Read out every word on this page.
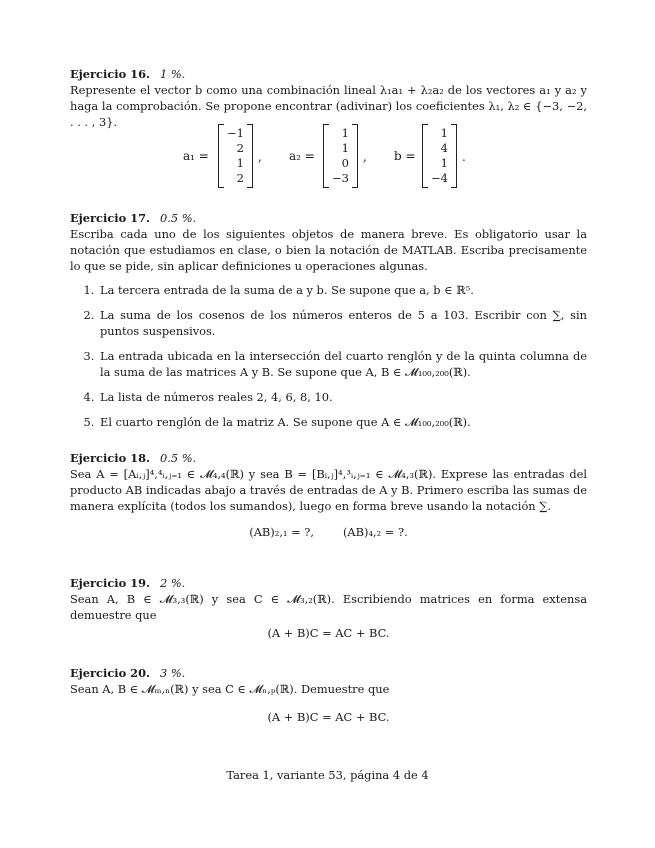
Ejercicio 16. 1 %.

Represente el vector b como una combinación lineal λ₁a₁ + λ₂a₂ de los vectores a₁ y a₂ y haga la comprobación. Se propone encontrar (adivinar) los coeficientes λ₁, λ₂ ∈ {−3, −2, . . . , 3}.

a₁ =
−1
2
1
2
, a₂ =
1
1
0
−3
, b =
1
4
1
−4
.

Ejercicio 17. 0.5 %.

Escriba cada uno de los siguientes objetos de manera breve. Es obligatorio usar la notación que estudiamos en clase, o bien la notación de MATLAB. Escriba precisamente lo que se pide, sin aplicar definiciones u operaciones algunas.

1. La tercera entrada de la suma de a y b. Se supone que a, b ∈ ℝ⁵.
2. La suma de los cosenos de los números enteros de 5 a 103. Escribir con ∑, sin puntos suspensivos.
3. La entrada ubicada en la intersección del cuarto renglón y de la quinta columna de la suma de las matrices A y B. Se supone que A, B ∈ 𝓜₁₀₀,₂₀₀(ℝ).
4. La lista de números reales 2, 4, 6, 8, 10.
5. El cuarto renglón de la matriz A. Se supone que A ∈ 𝓜₁₀₀,₂₀₀(ℝ).

Ejercicio 18. 0.5 %.

Sea A = [Aᵢ,ⱼ]⁴,⁴ᵢ,ⱼ₌₁ ∈ 𝓜₄,₄(ℝ) y sea B = [Bᵢ,ⱼ]⁴,³ᵢ,ⱼ₌₁ ∈ 𝓜₄,₃(ℝ). Exprese las entradas del producto AB indicadas abajo a través de entradas de A y B. Primero escriba las sumas de manera explícita (todos los sumandos), luego en forma breve usando la notación ∑.

(AB)₂,₁ = ?,        (AB)₄,₂ = ?.

Ejercicio 19. 2 %.

Sean A, B ∈ 𝓜₃,₃(ℝ) y sea C ∈ 𝓜₃,₂(ℝ). Escribiendo matrices en forma extensa demuestre que

(A + B)C = AC + BC.

Ejercicio 20. 3 %.

Sean A, B ∈ 𝓜ₘ,ₙ(ℝ) y sea C ∈ 𝓜ₙ,ₚ(ℝ). Demuestre que

(A + B)C = AC + BC.

Tarea 1, variante 53, página 4 de 4
